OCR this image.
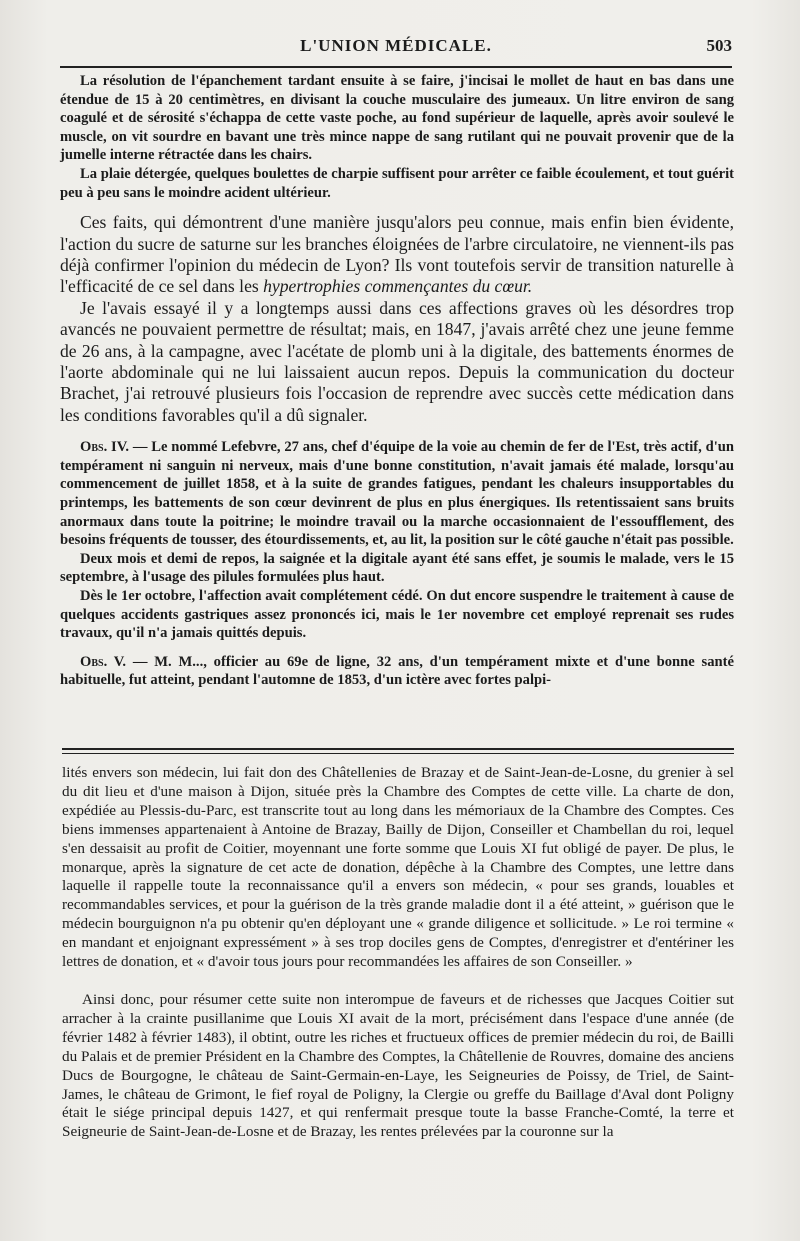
L'UNION MÉDICALE.	503

La résolution de l'épanchement tardant ensuite à se faire, j'incisai le mollet de haut en bas dans une étendue de 15 à 20 centimètres, en divisant la couche musculaire des jumeaux. Un litre environ de sang coagulé et de sérosité s'échappa de cette vaste poche, au fond supérieur de laquelle, après avoir soulevé le muscle, on vit sourdre en bavant une très mince nappe de sang rutilant qui ne pouvait provenir que de la jumelle interne rétractée dans les chairs.

La plaie détergée, quelques boulettes de charpie suffisent pour arrêter ce faible écoulement, et tout guérit peu à peu sans le moindre acident ultérieur.

Ces faits, qui démontrent d'une manière jusqu'alors peu connue, mais enfin bien évidente, l'action du sucre de saturne sur les branches éloignées de l'arbre circulatoire, ne viennent-ils pas déjà confirmer l'opinion du médecin de Lyon? Ils vont toutefois servir de transition naturelle à l'efficacité de ce sel dans les hypertrophies commençantes du cœur.

Je l'avais essayé il y a longtemps aussi dans ces affections graves où les désordres trop avancés ne pouvaient permettre de résultat; mais, en 1847, j'avais arrêté chez une jeune femme de 26 ans, à la campagne, avec l'acétate de plomb uni à la digitale, des battements énormes de l'aorte abdominale qui ne lui laissaient aucun repos. Depuis la communication du docteur Brachet, j'ai retrouvé plusieurs fois l'occasion de reprendre avec succès cette médication dans les conditions favorables qu'il a dû signaler.

Obs. IV. — Le nommé Lefebvre, 27 ans, chef d'équipe de la voie au chemin de fer de l'Est, très actif, d'un tempérament ni sanguin ni nerveux, mais d'une bonne constitution, n'avait jamais été malade, lorsqu'au commencement de juillet 1858, et à la suite de grandes fatigues, pendant les chaleurs insupportables du printemps, les battements de son cœur devinrent de plus en plus énergiques. Ils retentissaient sans bruits anormaux dans toute la poitrine; le moindre travail ou la marche occasionnaient de l'essoufflement, des besoins fréquents de tousser, des étourdissements, et, au lit, la position sur le côté gauche n'était pas possible.

Deux mois et demi de repos, la saignée et la digitale ayant été sans effet, je soumis le malade, vers le 15 septembre, à l'usage des pilules formulées plus haut.

Dès le 1er octobre, l'affection avait complétement cédé. On dut encore suspendre le traitement à cause de quelques accidents gastriques assez prononcés ici, mais le 1er novembre cet employé reprenait ses rudes travaux, qu'il n'a jamais quittés depuis.

Obs. V. — M. M..., officier au 69e de ligne, 32 ans, d'un tempérament mixte et d'une bonne santé habituelle, fut atteint, pendant l'automne de 1853, d'un ictère avec fortes palpi-

lités envers son médecin, lui fait don des Châtellenies de Brazay et de Saint-Jean-de-Losne, du grenier à sel du dit lieu et d'une maison à Dijon, située près la Chambre des Comptes de cette ville. La charte de don, expédiée au Plessis-du-Parc, est transcrite tout au long dans les mémoriaux de la Chambre des Comptes. Ces biens immenses appartenaient à Antoine de Brazay, Bailly de Dijon, Conseiller et Chambellan du roi, lequel s'en dessaisit au profit de Coitier, moyennant une forte somme que Louis XI fut obligé de payer. De plus, le monarque, après la signature de cet acte de donation, dépêche à la Chambre des Comptes, une lettre dans laquelle il rappelle toute la reconnaissance qu'il a envers son médecin, « pour ses grands, louables et recommandables services, et pour la guérison de la très grande maladie dont il a été atteint, » guérison que le médecin bourguignon n'a pu obtenir qu'en déployant une « grande diligence et sollicitude. » Le roi termine « en mandant et enjoignant expressément » à ses trop dociles gens de Comptes, d'enregistrer et d'entériner les lettres de donation, et « d'avoir tous jours pour recommandées les affaires de son Conseiller. »

Ainsi donc, pour résumer cette suite non interompue de faveurs et de richesses que Jacques Coitier sut arracher à la crainte pusillanime que Louis XI avait de la mort, précisément dans l'espace d'une année (de février 1482 à février 1483), il obtint, outre les riches et fructueux offices de premier médecin du roi, de Bailli du Palais et de premier Président en la Chambre des Comptes, la Châtellenie de Rouvres, domaine des anciens Ducs de Bourgogne, le château de Saint-Germain-en-Laye, les Seigneuries de Poissy, de Triel, de Saint-James, le château de Grimont, le fief royal de Poligny, la Clergie ou greffe du Baillage d'Aval dont Poligny était le siége principal depuis 1427, et qui renfermait presque toute la basse Franche-Comté, la terre et Seigneurie de Saint-Jean-de-Losne et de Brazay, les rentes prélevées par la couronne sur la
